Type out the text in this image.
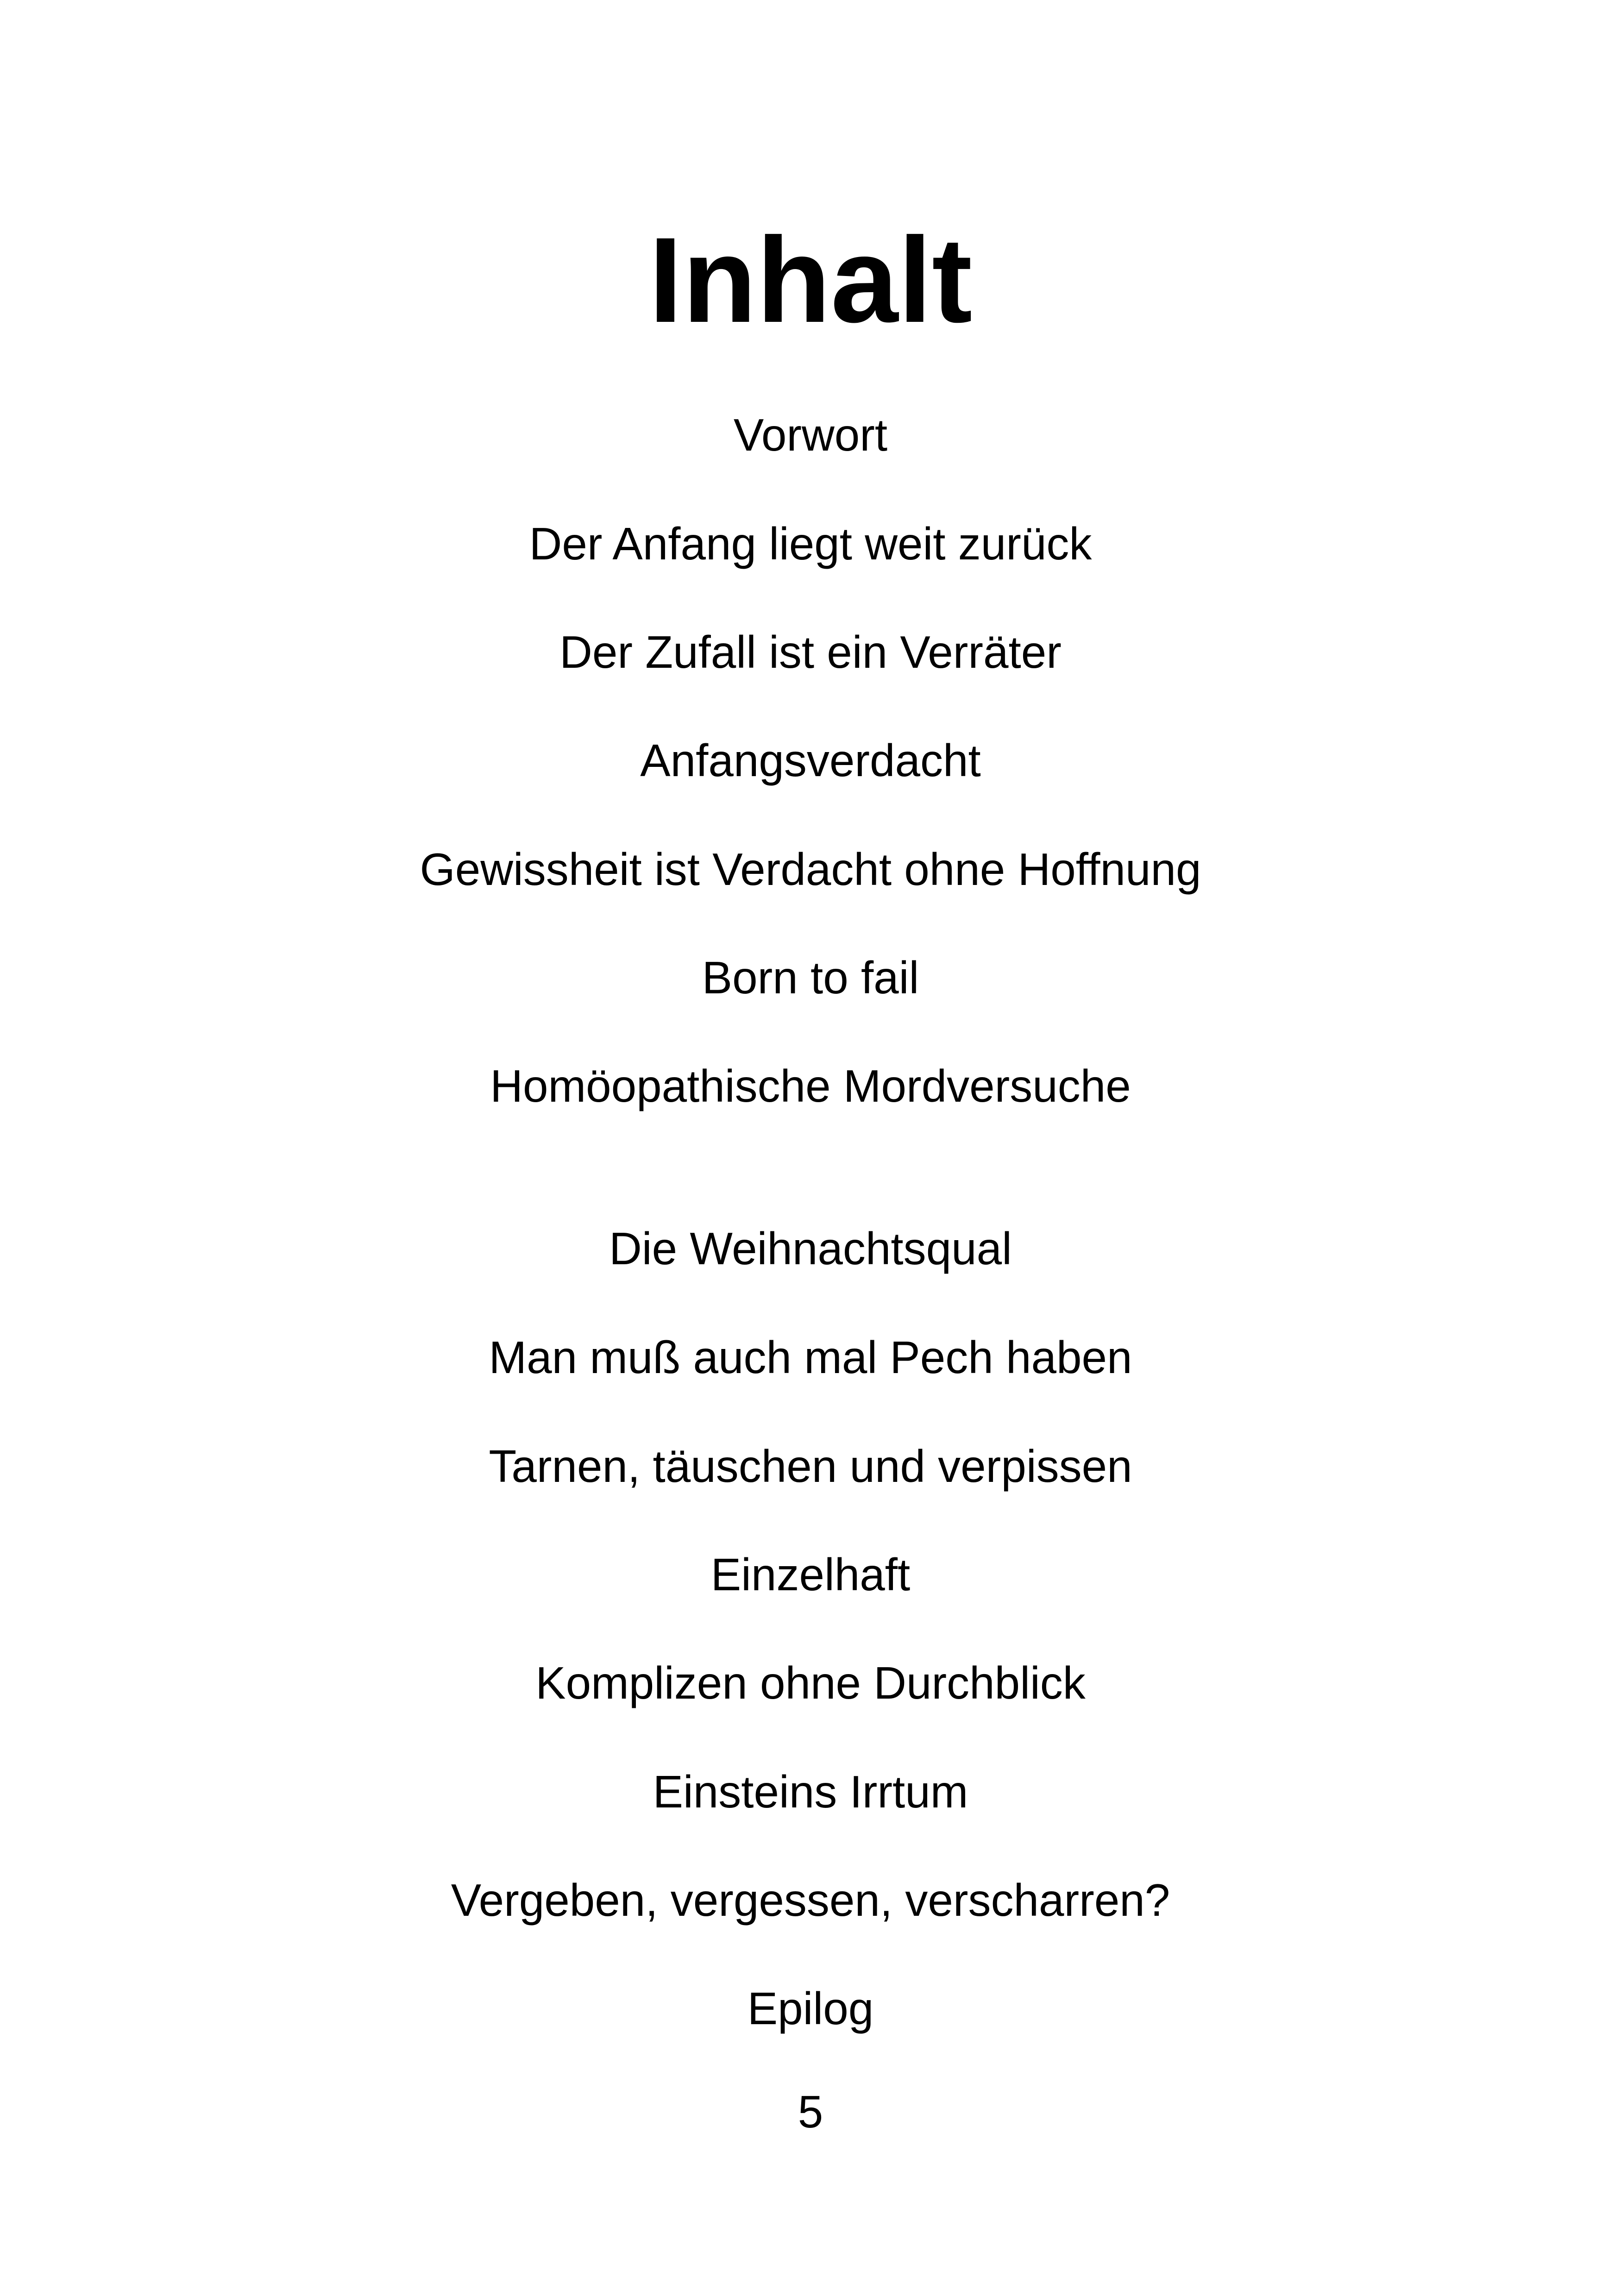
Inhalt
Vorwort
Der Anfang liegt weit zurück
Der Zufall ist ein Verräter
Anfangsverdacht
Gewissheit ist Verdacht ohne Hoffnung
Born to fail
Homöopathische Mordversuche
Die Weihnachtsqual
Man muß auch mal Pech haben
Tarnen, täuschen und verpissen
Einzelhaft
Komplizen ohne Durchblick
Einsteins Irrtum
Vergeben, vergessen, verscharren?
Epilog
5
